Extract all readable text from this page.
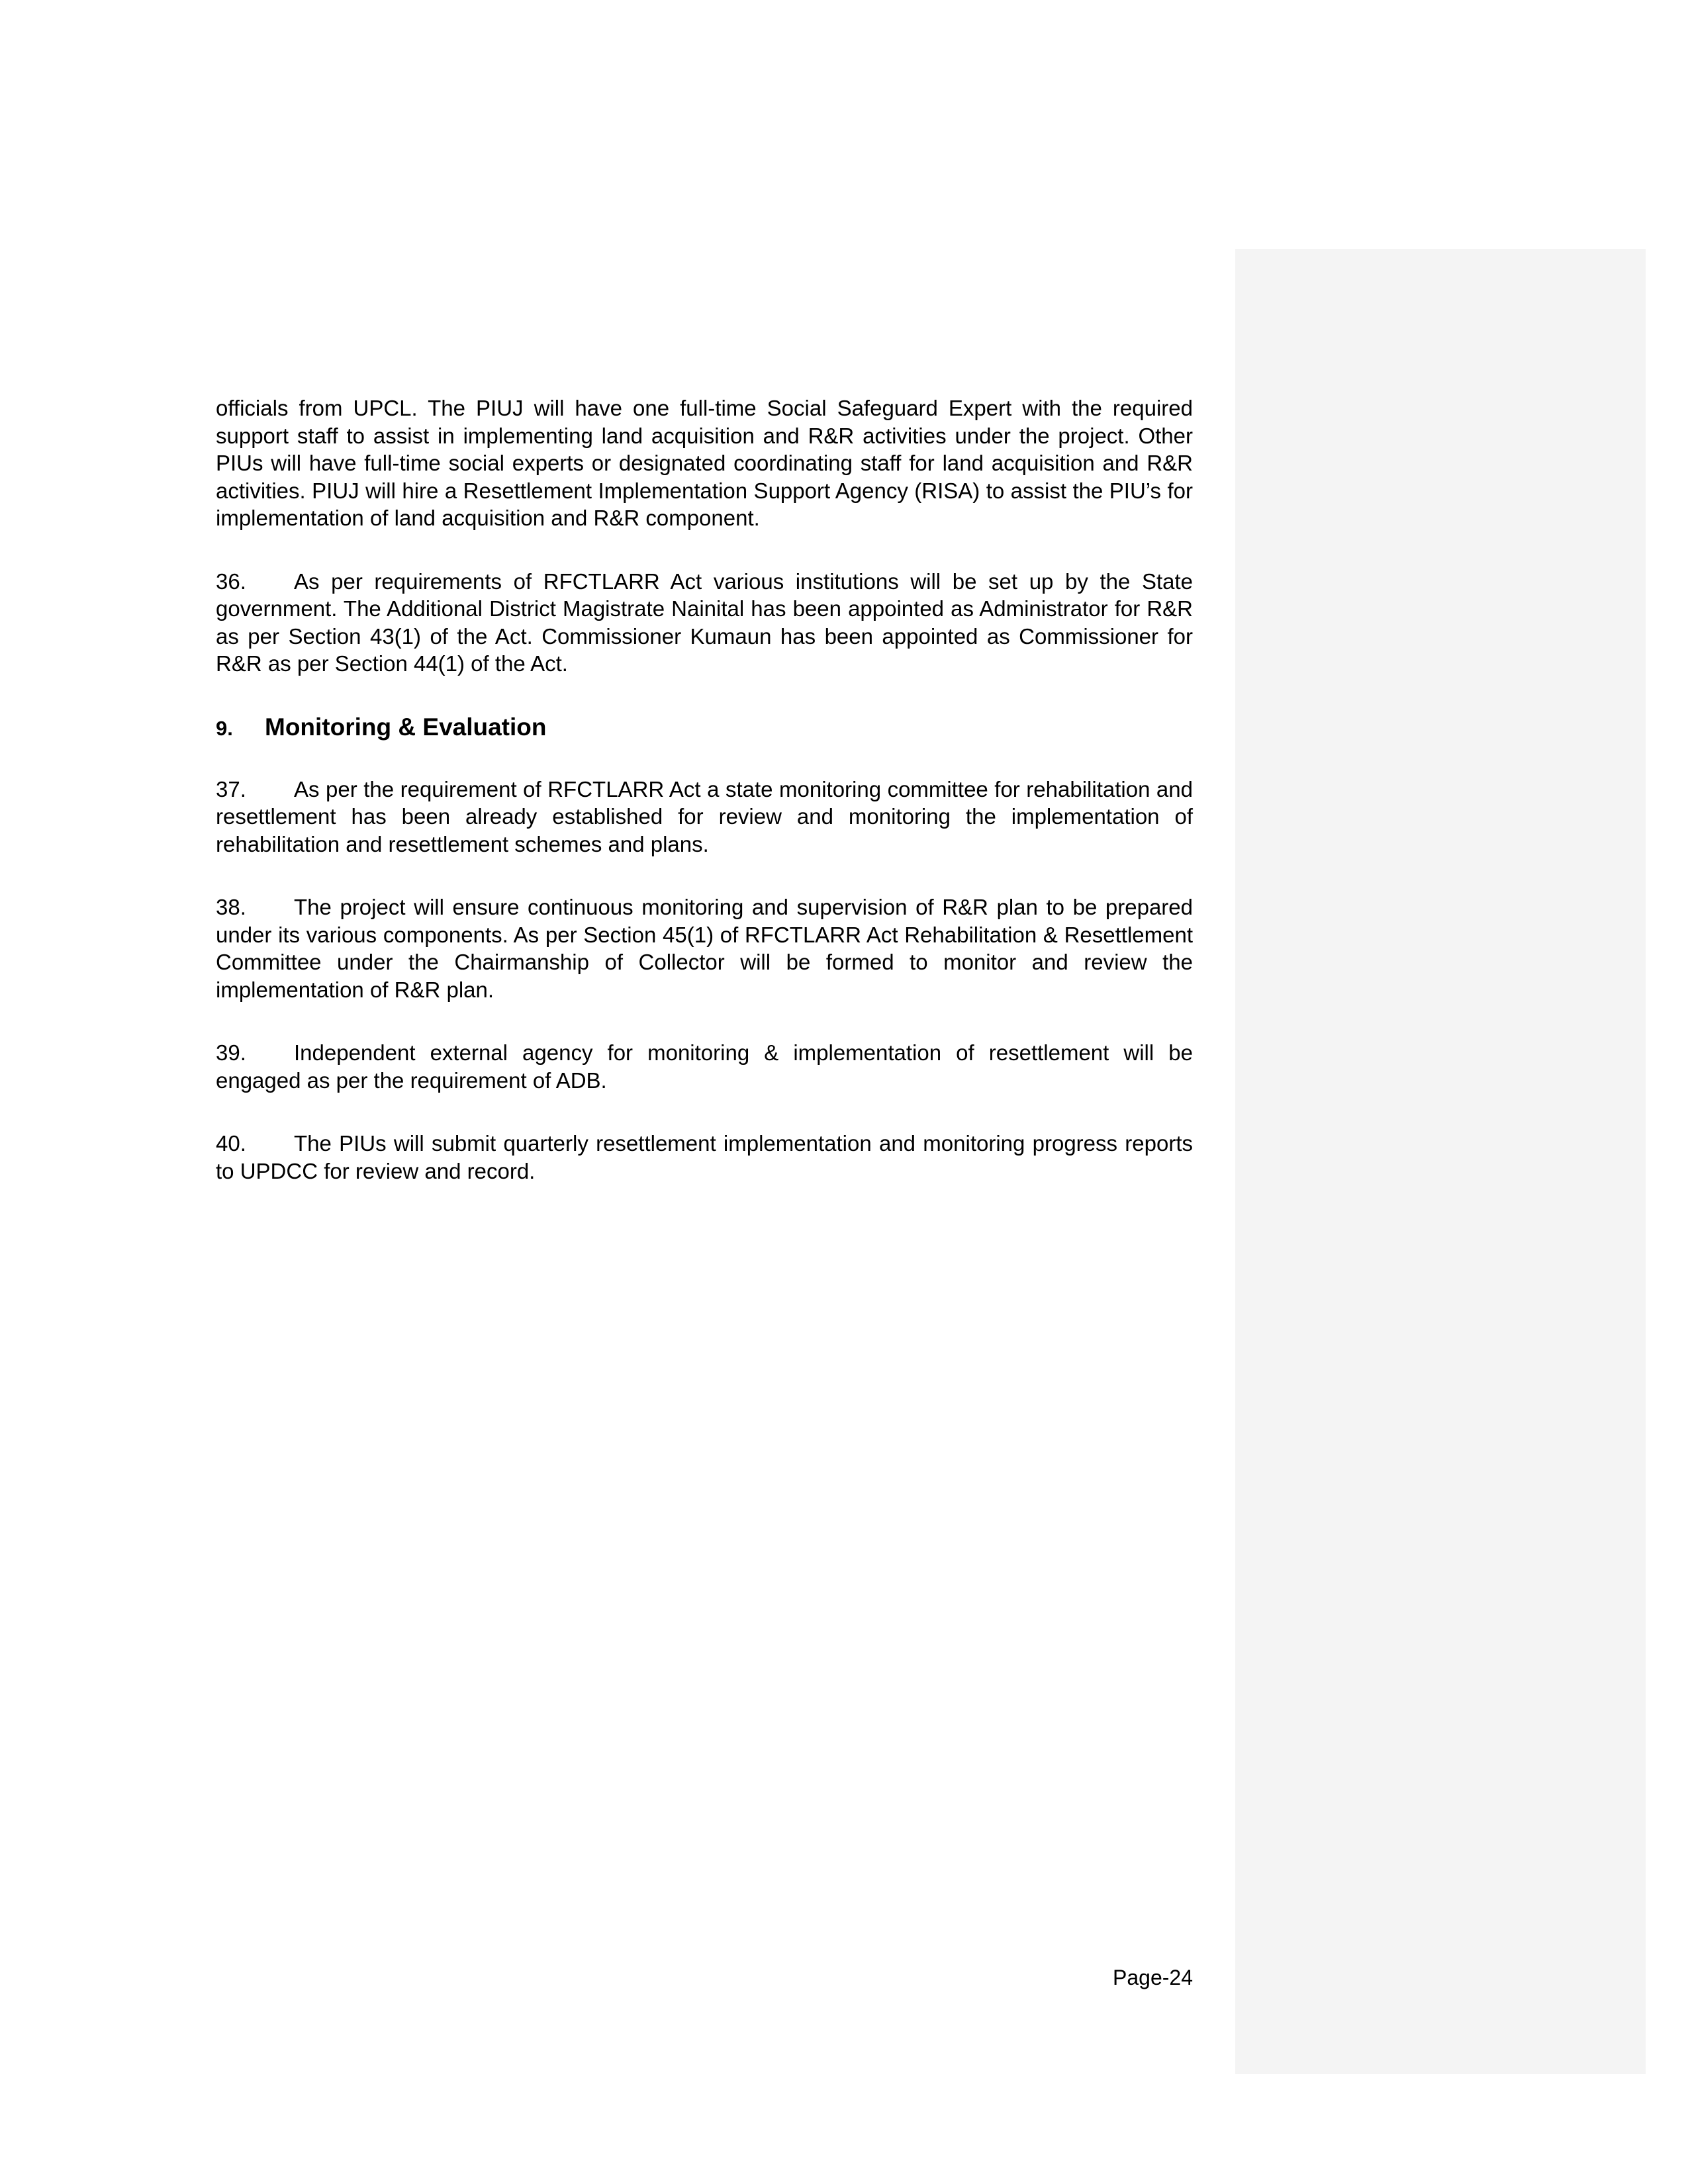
officials from UPCL. The PIUJ will have one full-time Social Safeguard Expert with the required support staff to assist in implementing land acquisition and R&R activities under the project. Other PIUs will have full-time social experts or designated coordinating staff for land acquisition and R&R activities. PIUJ will hire a Resettlement Implementation Support Agency (RISA) to assist the PIU’s for implementation of land acquisition and R&R component.

36. As per requirements of RFCTLARR Act various institutions will be set up by the State government. The Additional District Magistrate Nainital has been appointed as Administrator for R&R as per Section 43(1) of the Act. Commissioner Kumaun has been appointed as Commissioner for R&R as per Section 44(1) of the Act.

9.	Monitoring & Evaluation

37. As per the requirement of RFCTLARR Act a state monitoring committee for rehabilitation and resettlement has been already established for review and monitoring the implementation of rehabilitation and resettlement schemes and plans.

38. The project will ensure continuous monitoring and supervision of R&R plan to be prepared under its various components. As per Section 45(1) of RFCTLARR Act Rehabilitation & Resettlement Committee under the Chairmanship of Collector will be formed to monitor and review the implementation of R&R plan.

39. Independent external agency for monitoring & implementation of resettlement will be engaged as per the requirement of ADB.

40. The PIUs will submit quarterly resettlement implementation and monitoring progress reports to UPDCC for review and record.

Page-24
